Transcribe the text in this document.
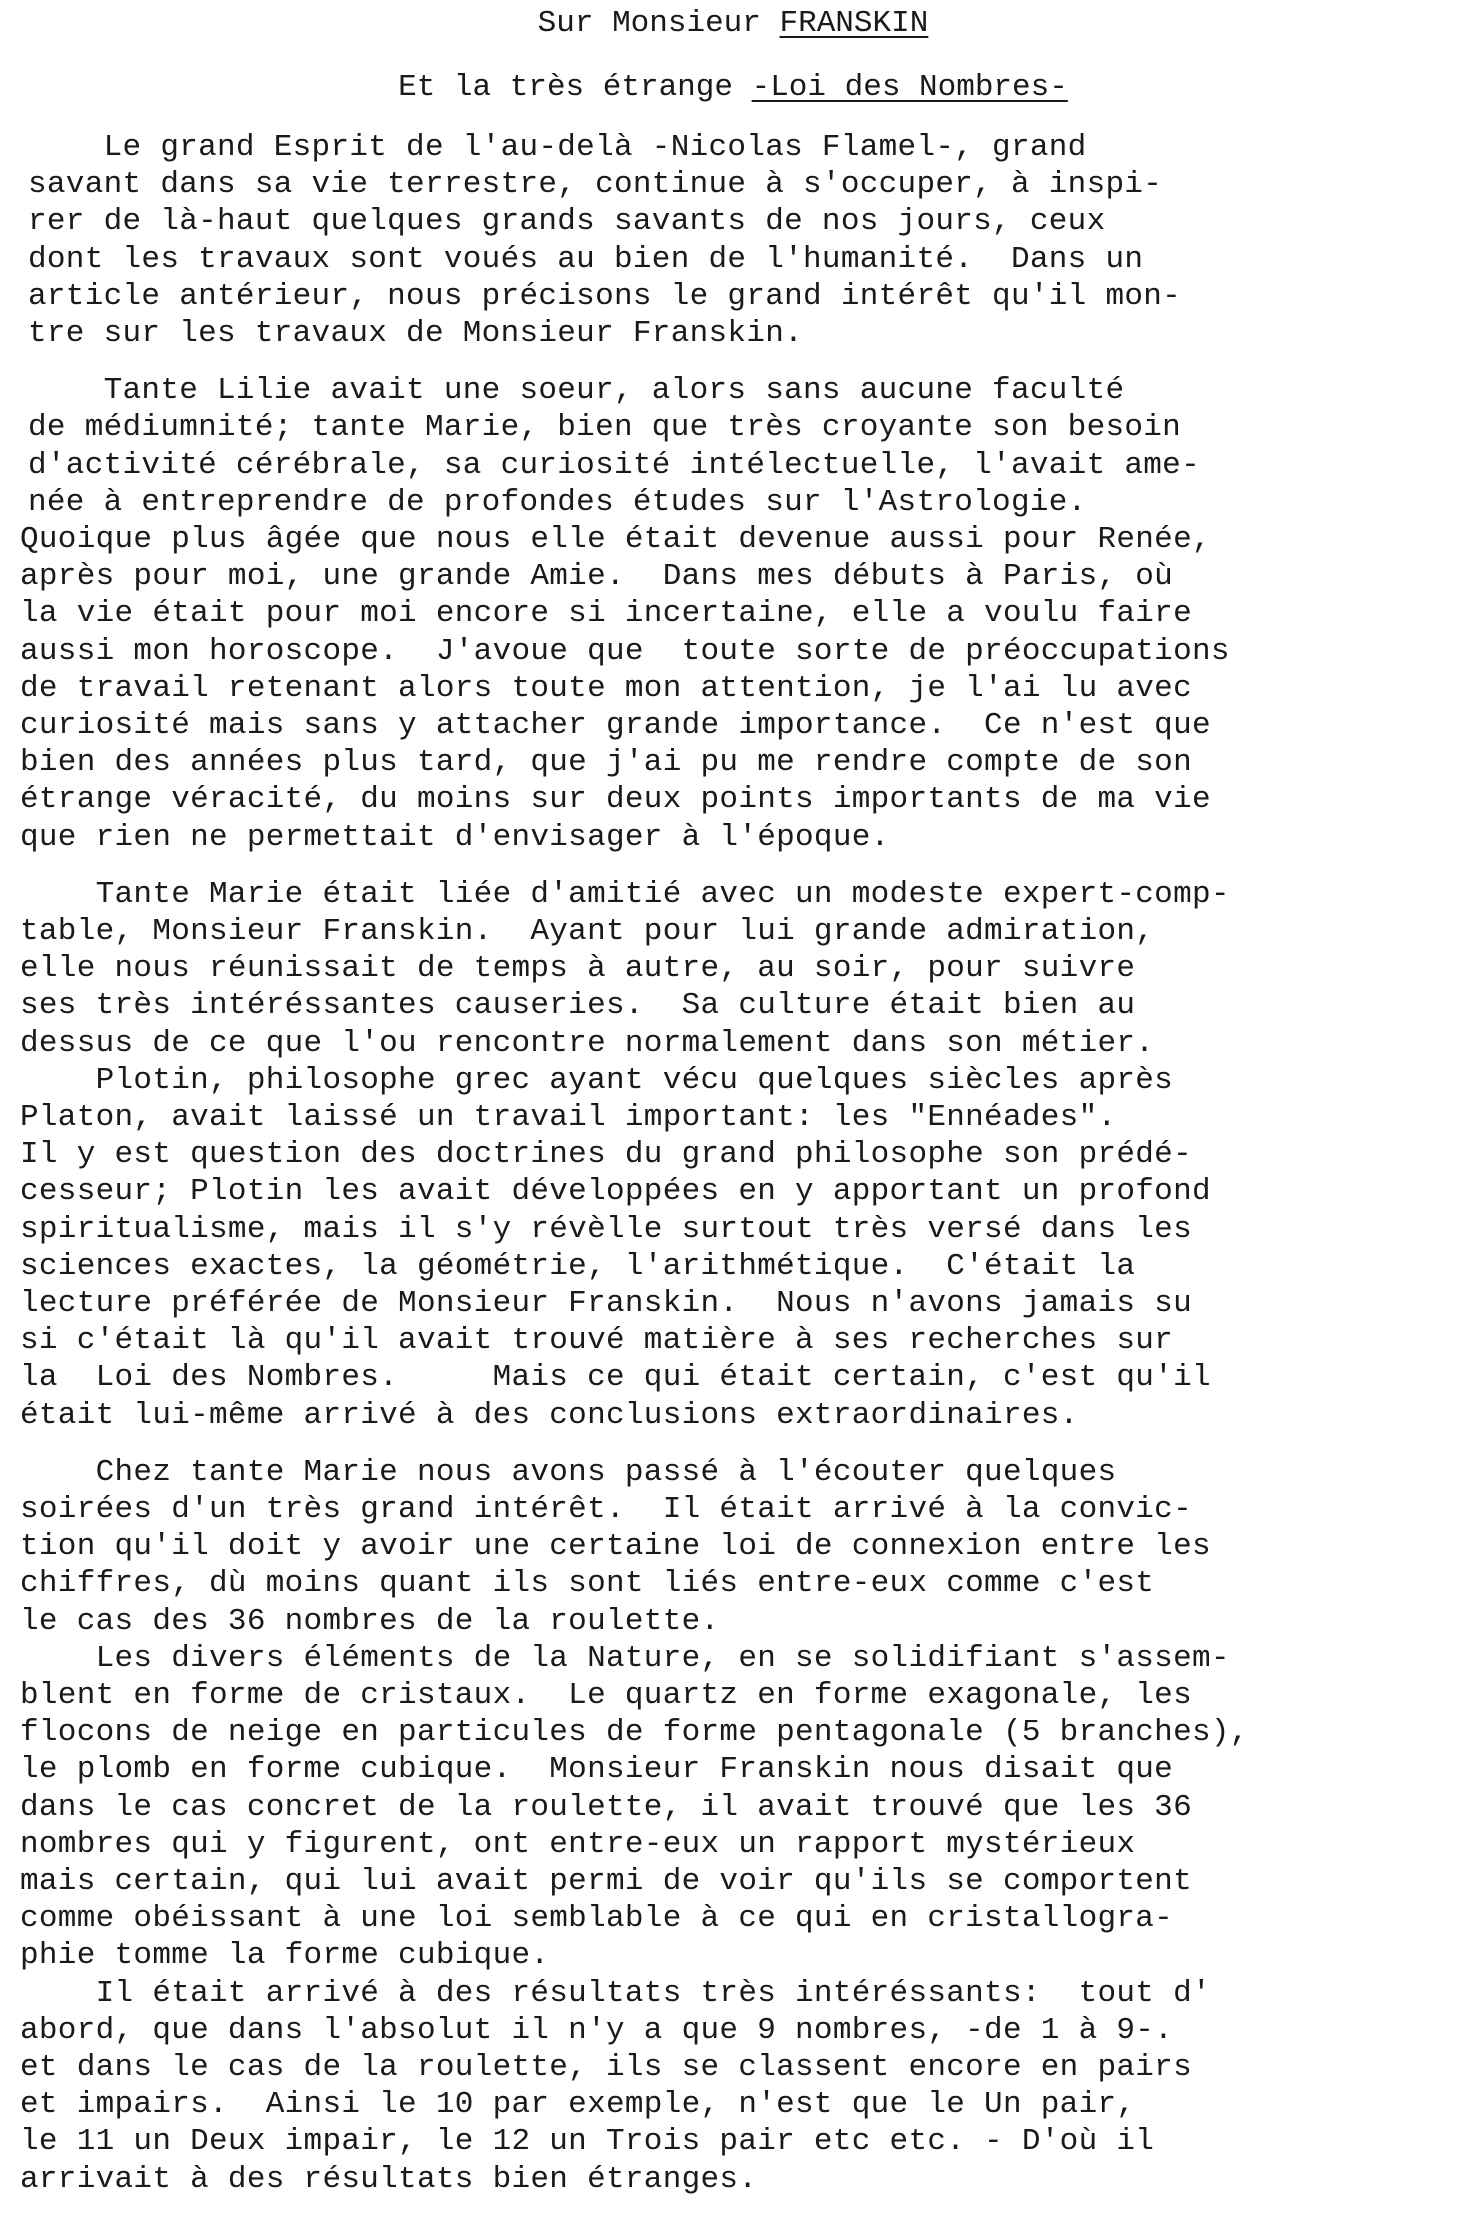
Sur Monsieur FRANSKIN
Et la très étrange -Loi des Nombres-
Le grand Esprit de l'au-delà -Nicolas Flamel-, grand
savant dans sa vie terrestre, continue à s'occuper, à inspi-
rer de là-haut quelques grands savants de nos jours, ceux
dont les travaux sont voués au bien de l'humanité.  Dans un
article antérieur, nous précisons le grand intérêt qu'il mon-
tre sur les travaux de Monsieur Franskin.
Tante Lilie avait une soeur, alors sans aucune faculté
de médiumnité; tante Marie, bien que très croyante son besoin
d'activité cérébrale, sa curiosité intélectuelle, l'avait ame-
née à entreprendre de profondes études sur l'Astrologie.
Quoique plus âgée que nous elle était devenue aussi pour Renée,
après pour moi, une grande Amie.  Dans mes débuts à Paris, où
la vie était pour moi encore si incertaine, elle a voulu faire
aussi mon horoscope.  J'avoue que  toute sorte de préoccupations
de travail retenant alors toute mon attention, je l'ai lu avec
curiosité mais sans y attacher grande importance.  Ce n'est que
bien des années plus tard, que j'ai pu me rendre compte de son
étrange véracité, du moins sur deux points importants de ma vie
que rien ne permettait d'envisager à l'époque.
Tante Marie était liée d'amitié avec un modeste expert-comp-
table, Monsieur Franskin.  Ayant pour lui grande admiration,
elle nous réunissait de temps à autre, au soir, pour suivre
ses très intéréssantes causeries.  Sa culture était bien au
dessus de ce que l'ou rencontre normalement dans son métier.
Plotin, philosophe grec ayant vécu quelques siècles après
Platon, avait laissé un travail important: les "Ennéades".
Il y est question des doctrines du grand philosophe son prédé-
cesseur; Plotin les avait développées en y apportant un profond
spiritualisme, mais il s'y révèlle surtout très versé dans les
sciences exactes, la géométrie, l'arithmétique.  C'était la
lecture préférée de Monsieur Franskin.  Nous n'avons jamais su
si c'était là qu'il avait trouvé matière à ses recherches sur
la  Loi des Nombres.     Mais ce qui était certain, c'est qu'il
était lui-même arrivé à des conclusions extraordinaires.
Chez tante Marie nous avons passé à l'écouter quelques
soirées d'un très grand intérêt.  Il était arrivé à la convic-
tion qu'il doit y avoir une certaine loi de connexion entre les
chiffres, dù moins quant ils sont liés entre-eux comme c'est
le cas des 36 nombres de la roulette.
Les divers éléments de la Nature, en se solidifiant s'assem-
blent en forme de cristaux.  Le quartz en forme exagonale, les
flocons de neige en particules de forme pentagonale (5 branches),
le plomb en forme cubique.  Monsieur Franskin nous disait que
dans le cas concret de la roulette, il avait trouvé que les 36
nombres qui y figurent, ont entre-eux un rapport mystérieux
mais certain, qui lui avait permi de voir qu'ils se comportent
comme obéissant à une loi semblable à ce qui en cristallogra-
phie tomme la forme cubique.
Il était arrivé à des résultats très intéréssants:  tout d'
abord, que dans l'absolut il n'y a que 9 nombres, -de 1 à 9-.
et dans le cas de la roulette, ils se classent encore en pairs
et impairs.  Ainsi le 10 par exemple, n'est que le Un pair,
le 11 un Deux impair, le 12 un Trois pair etc etc. - D'où il
arrivait à des résultats bien étranges.
